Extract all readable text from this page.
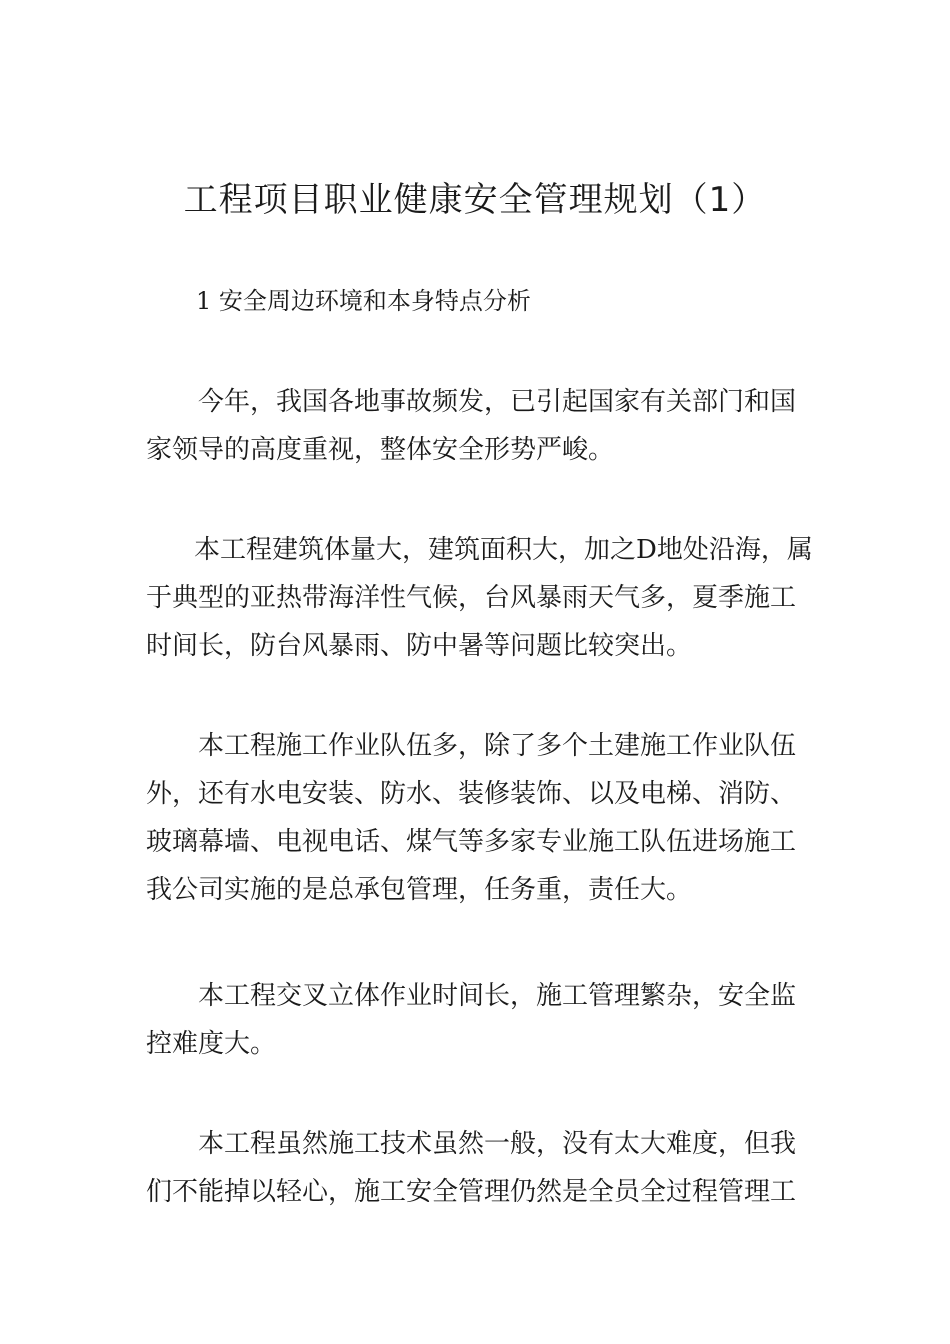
工程项目职业健康安全管理规划（1）
1 安全周边环境和本身特点分析

今年，我国各地事故频发，已引起国家有关部门和国
家领导的高度重视，整体安全形势严峻。

本工程建筑体量大，建筑面积大，加之D地处沿海，属
于典型的亚热带海洋性气候，台风暴雨天气多，夏季施工
时间长，防台风暴雨、防中暑等问题比较突出。

本工程施工作业队伍多，除了多个土建施工作业队伍
外，还有水电安装、防水、装修装饰、以及电梯、消防、
玻璃幕墙、电视电话、煤气等多家专业施工队伍进场施工
我公司实施的是总承包管理，任务重，责任大。

本工程交叉立体作业时间长，施工管理繁杂，安全监
控难度大。

本工程虽然施工技术虽然一般，没有太大难度，但我
们不能掉以轻心，施工安全管理仍然是全员全过程管理工
